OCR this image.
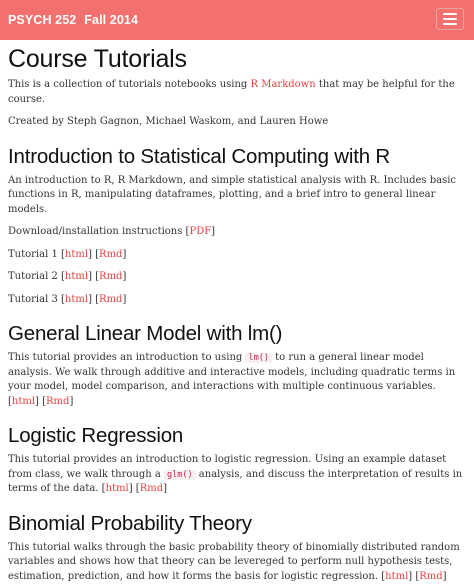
PSYCH 252 Fall 2014
Course Tutorials

This is a collection of tutorials notebooks using R Markdown that may be helpful for the course.

Created by Steph Gagnon, Michael Waskom, and Lauren Howe

Introduction to Statistical Computing with R

An introduction to R, R Markdown, and simple statistical analysis with R. Includes basic functions in R, manipulating dataframes, plotting, and a brief intro to general linear models.

Download/installation instructions [PDF]

Tutorial 1 [html] [Rmd]

Tutorial 2 [html] [Rmd]

Tutorial 3 [html] [Rmd]

General Linear Model with lm()

This tutorial provides an introduction to using lm() to run a general linear model analysis. We walk through additive and interactive models, including quadratic terms in your model, model comparison, and interactions with multiple continuous variables. [html] [Rmd]

Logistic Regression

This tutorial provides an introduction to logistic regression. Using an example dataset from class, we walk through a glm() analysis, and discuss the interpretation of results in terms of the data. [html] [Rmd]

Binomial Probability Theory

This tutorial walks through the basic probability theory of binomially distributed random variables and shows how that theory can be levereged to perform null hypothesis tests, estimation, prediction, and how it forms the basis for logistic regression. [html] [Rmd]
